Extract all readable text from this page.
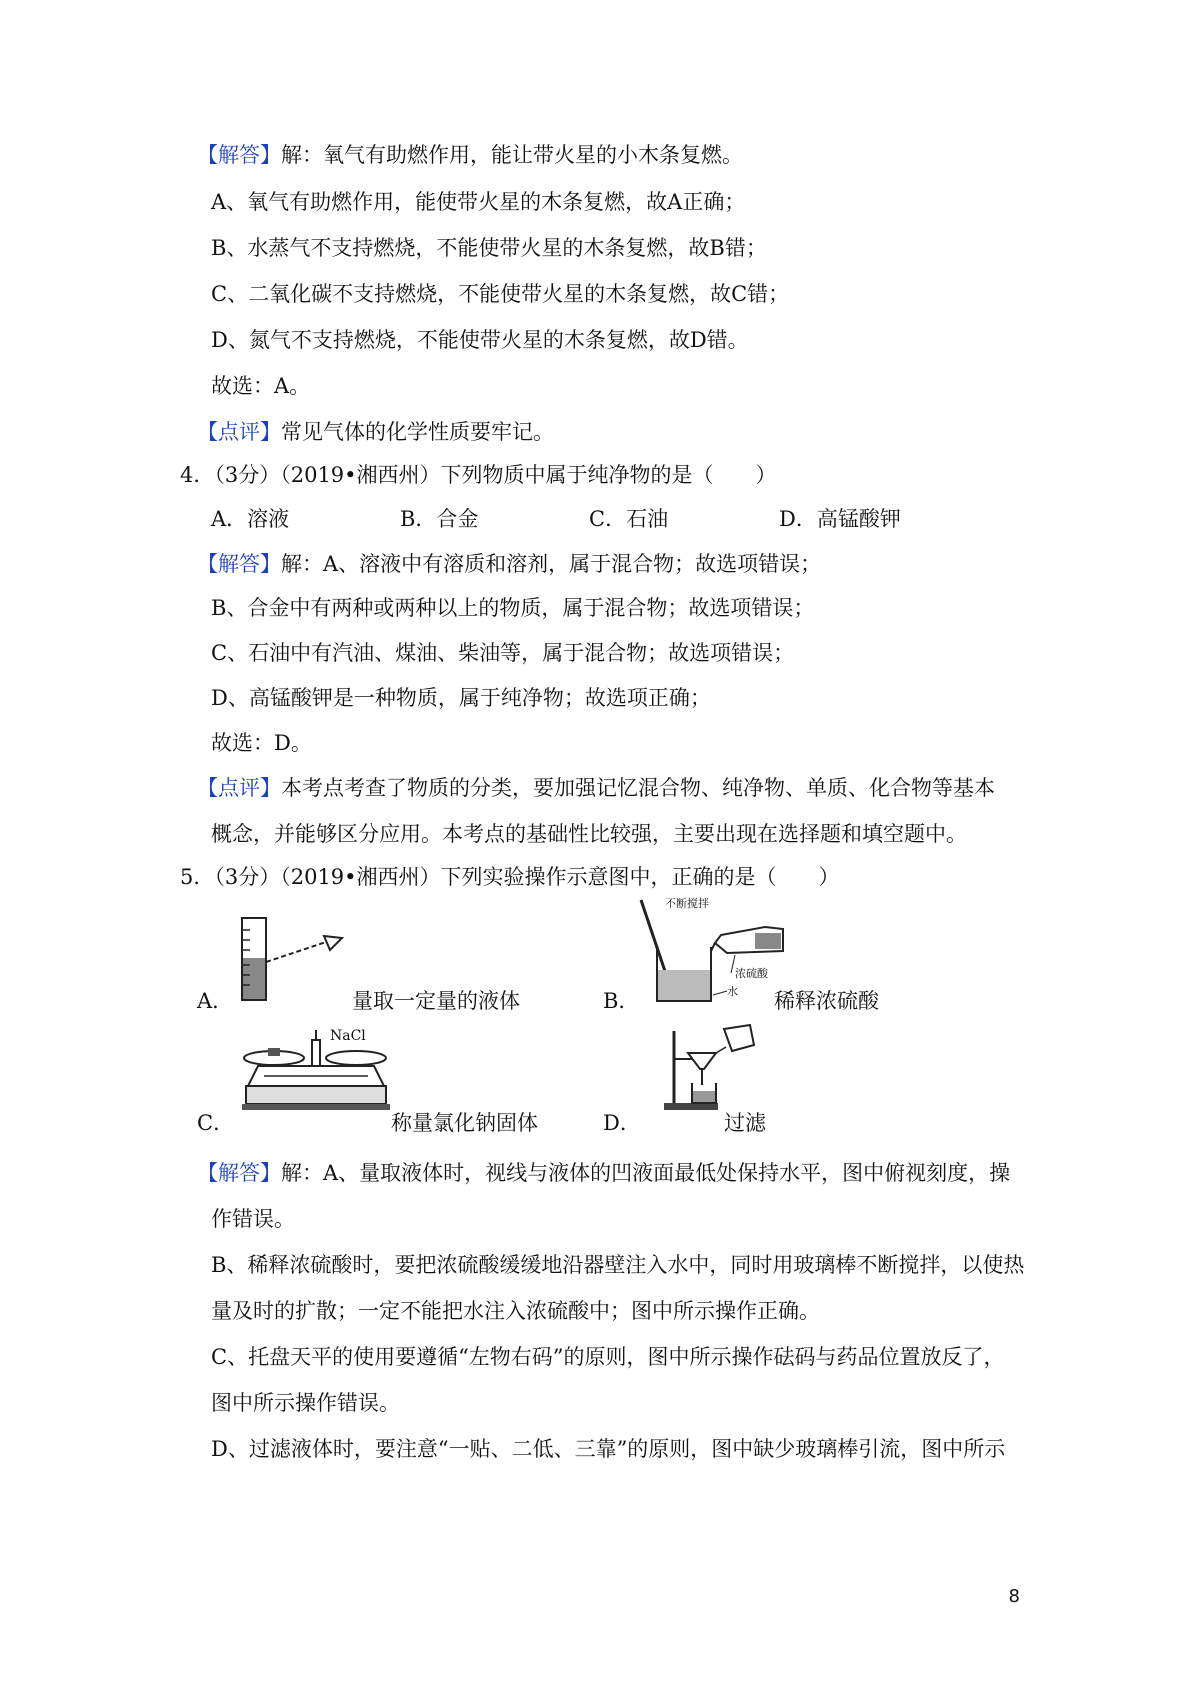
【解答】解：氧气有助燃作用，能让带火星的小木条复燃。
A、氧气有助燃作用，能使带火星的木条复燃，故A正确；
B、水蒸气不支持燃烧，不能使带火星的木条复燃，故B错；
C、二氧化碳不支持燃烧，不能使带火星的木条复燃，故C错；
D、氮气不支持燃烧，不能使带火星的木条复燃，故D错。
故选：A。
【点评】常见气体的化学性质要牢记。
4．（3分）（2019•湘西州）下列物质中属于纯净物的是（　　）
A．溶液	B．合金	C．石油	D．高锰酸钾
【解答】解：A、溶液中有溶质和溶剂，属于混合物；故选项错误；
B、合金中有两种或两种以上的物质，属于混合物；故选项错误；
C、石油中有汽油、煤油、柴油等，属于混合物；故选项错误；
D、高锰酸钾是一种物质，属于纯净物；故选项正确；
故选：D。
【点评】本考点考查了物质的分类，要加强记忆混合物、纯净物、单质、化合物等基本
概念，并能够区分应用。本考点的基础性比较强，主要出现在选择题和填空题中。
5．（3分）（2019•湘西州）下列实验操作示意图中，正确的是（　　）
A．	量取一定量的液体
不断搅拌
浓硫酸
水
B．	稀释浓硫酸
NaCl
C．	称量氯化钠固体	D．	过滤
【解答】解：A、量取液体时，视线与液体的凹液面最低处保持水平，图中俯视刻度，操
作错误。
B、稀释浓硫酸时，要把浓硫酸缓缓地沿器壁注入水中，同时用玻璃棒不断搅拌，以使热
量及时的扩散；一定不能把水注入浓硫酸中；图中所示操作正确。
C、托盘天平的使用要遵循“左物右码”的原则，图中所示操作砝码与药品位置放反了，
图中所示操作错误。
D、过滤液体时，要注意“一贴、二低、三靠”的原则，图中缺少玻璃棒引流，图中所示
8
